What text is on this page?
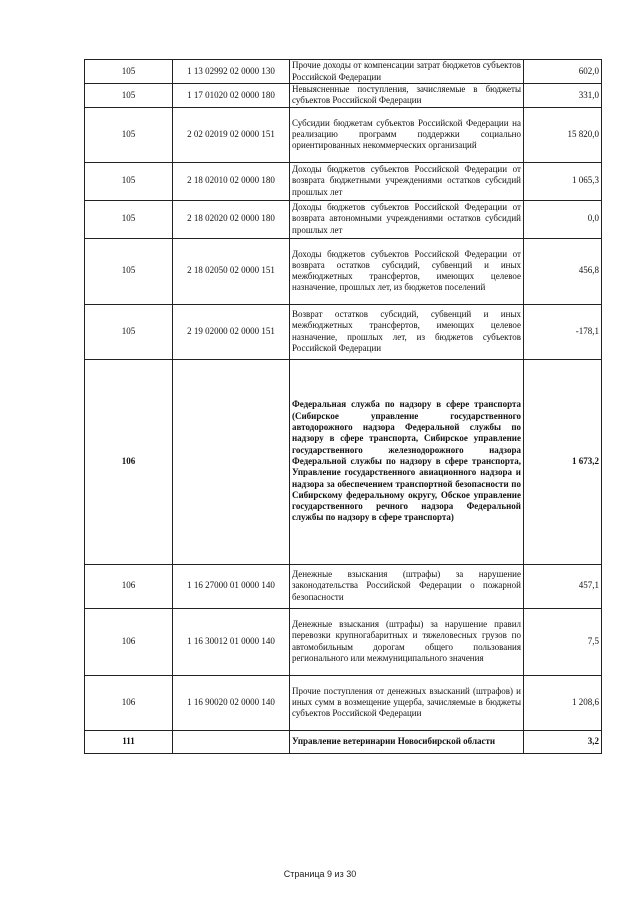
105	1 13 02992 02 0000 130	Прочие доходы от компенсации затрат бюджетов субъектов Российской Федерации	602,0
105	1 17 01020 02 0000 180	Невыясненные поступления, зачисляемые в бюджеты субъектов Российской Федерации	331,0
105	2 02 02019 02 0000 151	Субсидии бюджетам субъектов Российской Федерации на реализацию программ поддержки социально ориентированных некоммерческих организаций	15 820,0
105	2 18 02010 02 0000 180	Доходы бюджетов субъектов Российской Федерации от возврата бюджетными учреждениями остатков субсидий прошлых лет	1 065,3
105	2 18 02020 02 0000 180	Доходы бюджетов субъектов Российской Федерации от возврата автономными учреждениями остатков субсидий прошлых лет	0,0
105	2 18 02050 02 0000 151	Доходы бюджетов субъектов Российской Федерации от возврата остатков субсидий, субвенций и иных межбюджетных трансфертов, имеющих целевое назначение, прошлых лет, из бюджетов поселений	456,8
105	2 19 02000 02 0000 151	Возврат остатков субсидий, субвенций и иных межбюджетных трансфертов, имеющих целевое назначение, прошлых лет, из бюджетов субъектов Российской Федерации	-178,1
106		Федеральная служба по надзору в сфере транспорта (Сибирское управление государственного автодорожного надзора Федеральной службы по надзору в сфере транспорта, Сибирское управление государственного железнодорожного надзора Федеральной службы по надзору в сфере транспорта, Управление государственного авиационного надзора и надзора за обеспечением транспортной безопасности по Сибирскому федеральному округу, Обское управление государственного речного надзора Федеральной службы по надзору в сфере транспорта)	1 673,2
106	1 16 27000 01 0000 140	Денежные взыскания (штрафы) за нарушение законодательства Российской Федерации о пожарной безопасности	457,1
106	1 16 30012 01 0000 140	Денежные взыскания (штрафы) за нарушение правил перевозки крупногабаритных и тяжеловесных грузов по автомобильным дорогам общего пользования регионального или межмуниципального значения	7,5
106	1 16 90020 02 0000 140	Прочие поступления от денежных взысканий (штрафов) и иных сумм в возмещение ущерба, зачисляемые в бюджеты субъектов Российской Федерации	1 208,6
111		Управление ветеринарии Новосибирской области	3,2
Страница 9 из 30
